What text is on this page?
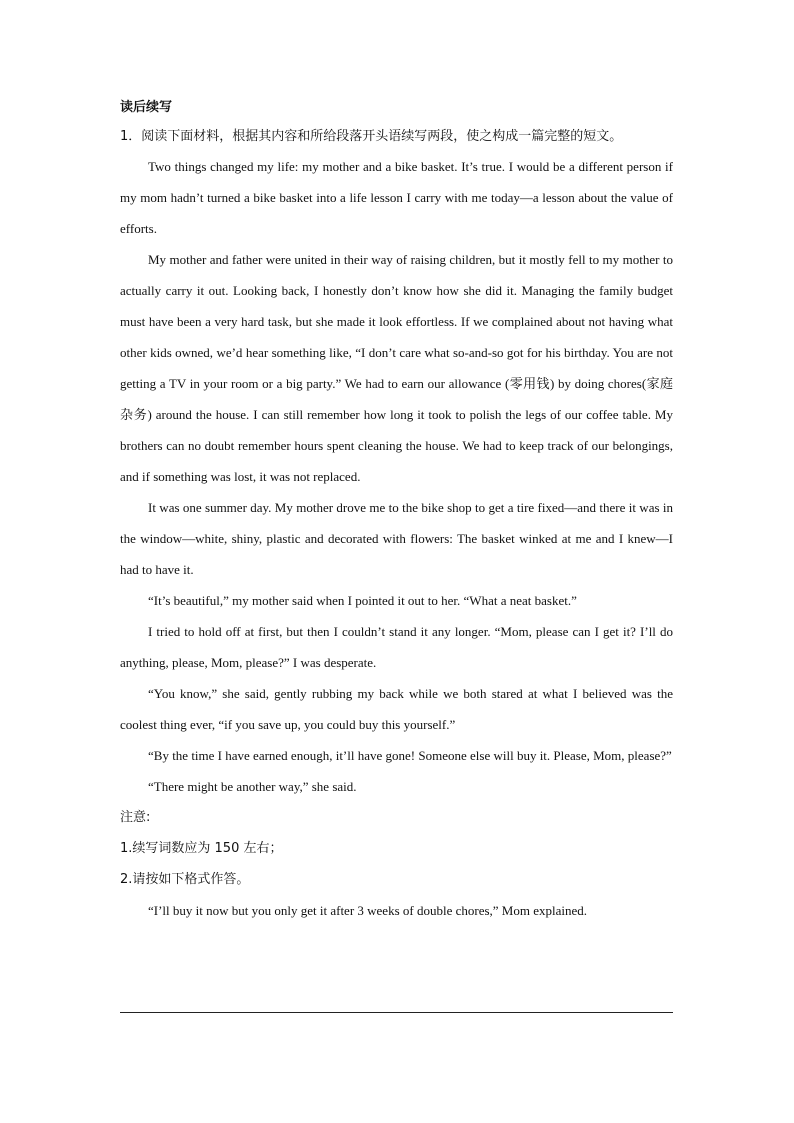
读后续写

1．阅读下面材料，根据其内容和所给段落开头语续写两段，使之构成一篇完整的短文。

Two things changed my life: my mother and a bike basket. It’s true. I would be a different person if my mom hadn’t turned a bike basket into a life lesson I carry with me today—a lesson about the value of efforts.

My mother and father were united in their way of raising children, but it mostly fell to my mother to actually carry it out. Looking back, I honestly don’t know how she did it. Managing the family budget must have been a very hard task, but she made it look effortless. If we complained about not having what other kids owned, we’d hear something like, “I don’t care what so-and-so got for his birthday. You are not getting a TV in your room or a big party.” We had to earn our allowance (零用钱) by doing chores(家庭杂务) around the house. I can still remember how long it took to polish the legs of our coffee table. My brothers can no doubt remember hours spent cleaning the house. We had to keep track of our belongings, and if something was lost, it was not replaced.

It was one summer day. My mother drove me to the bike shop to get a tire fixed—and there it was in the window—white, shiny, plastic and decorated with flowers: The basket winked at me and I knew—I had to have it.

“It’s beautiful,” my mother said when I pointed it out to her. “What a neat basket.”

I tried to hold off at first, but then I couldn’t stand it any longer. “Mom, please can I get it? I’ll do anything, please, Mom, please?” I was desperate.

“You know,” she said, gently rubbing my back while we both stared at what I believed was the coolest thing ever, “if you save up, you could buy this yourself.”

“By the time I have earned enough, it’ll have gone! Someone else will buy it. Please, Mom, please?”

“There might be another way,” she said.

注意:

1.续写词数应为 150 左右；

2.请按如下格式作答。

“I’ll buy it now but you only get it after 3 weeks of double chores,” Mom explained.
